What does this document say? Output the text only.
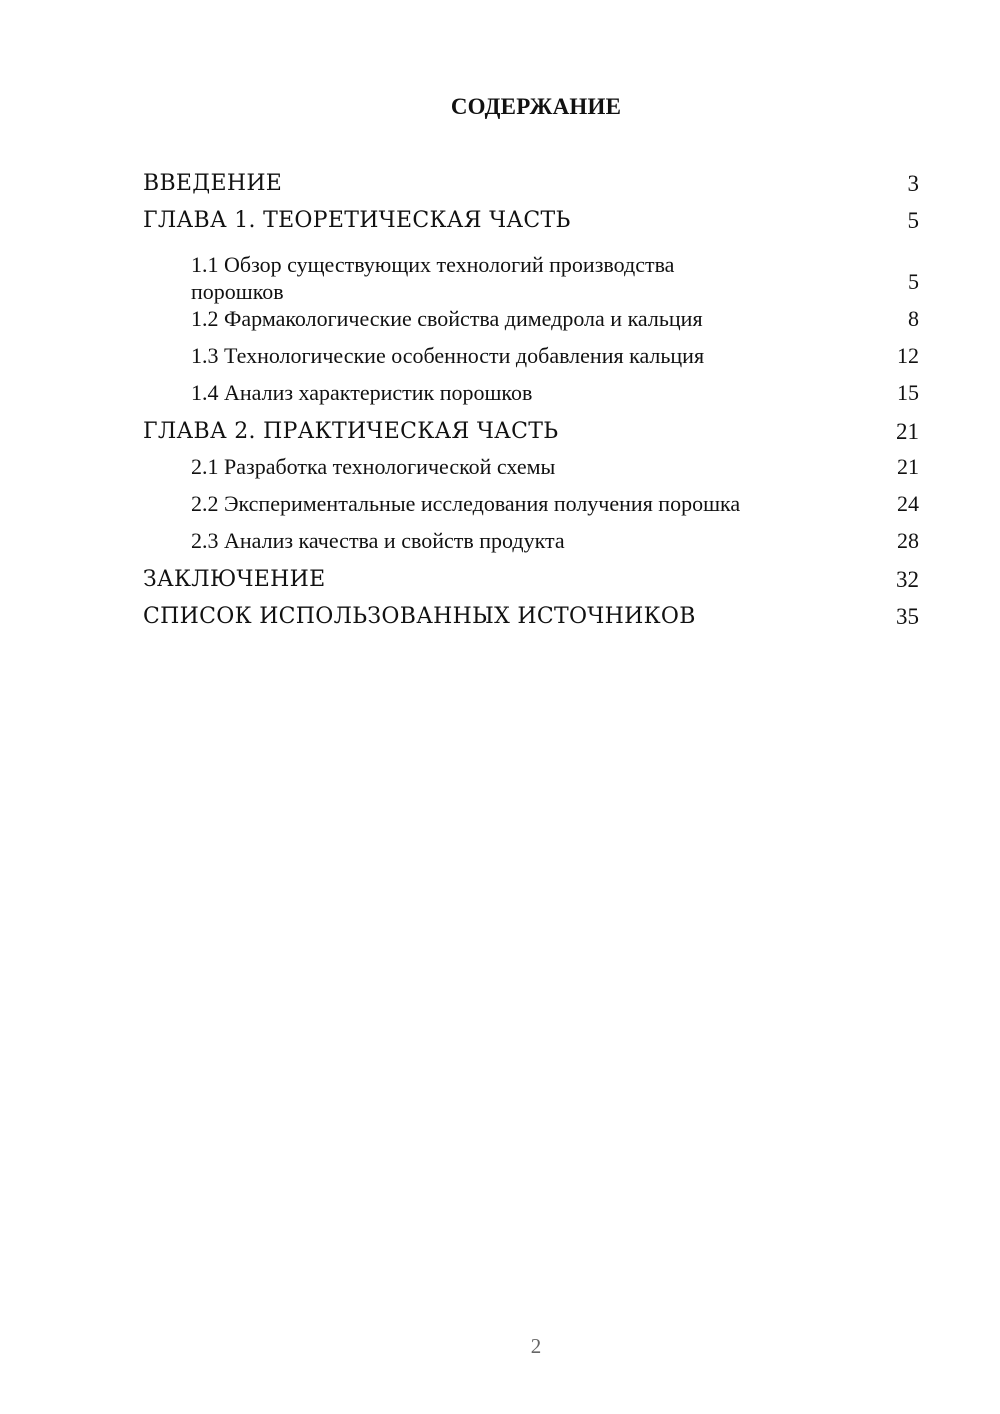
СОДЕРЖАНИЕ
ВВЕДЕНИЕ	3
ГЛАВА 1. ТЕОРЕТИЧЕСКАЯ ЧАСТЬ	5
1.1 Обзор существующих технологий производства
порошков	5
1.2 Фармакологические свойства димедрола и кальция	8
1.3 Технологические особенности добавления кальция	12
1.4 Анализ характеристик порошков	15
ГЛАВА 2. ПРАКТИЧЕСКАЯ ЧАСТЬ	21
2.1 Разработка технологической схемы	21
2.2 Экспериментальные исследования получения порошка	24
2.3 Анализ качества и свойств продукта	28
ЗАКЛЮЧЕНИЕ	32
СПИСОК ИСПОЛЬЗОВАННЫХ ИСТОЧНИКОВ	35
2
